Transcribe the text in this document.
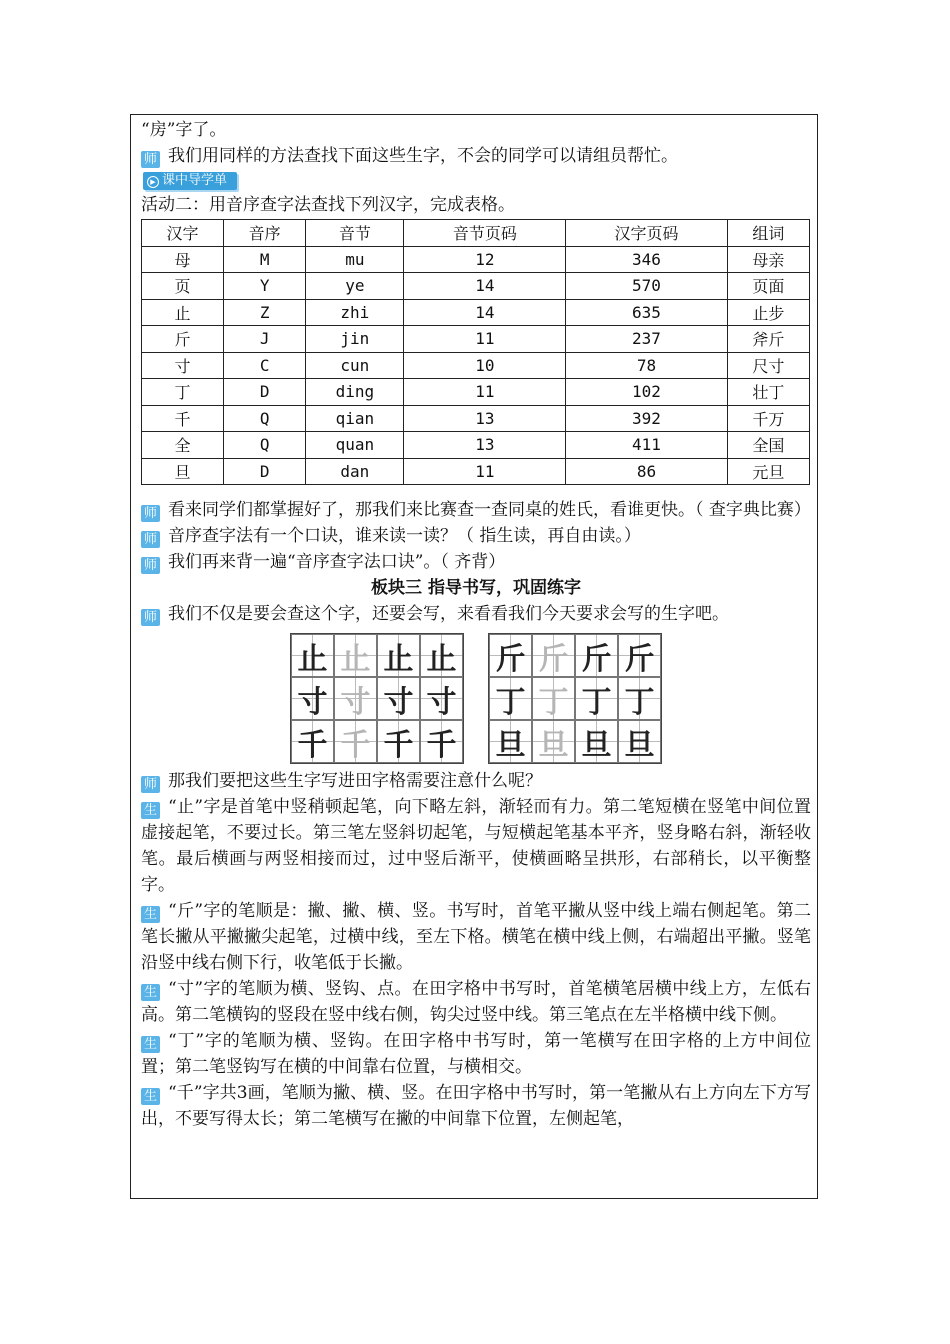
“房”字了。
师 我们用同样的方法查找下面这些生字，不会的同学可以请组员帮忙。
▶ 课中导学单
活动二：用音序查字法查找下列汉字，完成表格。
汉字	音序	音节	音节页码	汉字页码	组词
母	M	mu	12	346	母亲
页	Y	ye	14	570	页面
止	Z	zhi	14	635	止步
斤	J	jin	11	237	斧斤
寸	C	cun	10	78	尺寸
丁	D	ding	11	102	壮丁
千	Q	qian	13	392	千万
全	Q	quan	13	411	全国
旦	D	dan	11	86	元旦
师 看来同学们都掌握好了，那我们来比赛查一查同桌的姓氏，看谁更快。（ 查字典比赛）
师 音序查字法有一个口诀，谁来读一读？（ 指生读，再自由读。）
师 我们再来背一遍“音序查字法口诀”。（ 齐背）
板块三 指导书写，巩固练字
师 我们不仅是要会查这个字，还要会写，来看看我们今天要求会写的生字吧。
止 止 止 止
寸 寸 寸 寸
千 千 千 千
斤 斤 斤 斤
丁 丁 丁 丁
旦 旦 旦 旦
师 那我们要把这些生字写进田字格需要注意什么呢？
生 “止”字是首笔中竖稍顿起笔，向下略左斜，渐轻而有力。第二笔短横在竖笔中间位置虚接起笔，不要过长。第三笔左竖斜切起笔，与短横起笔基本平齐，竖身略右斜，渐轻收笔。最后横画与两竖相接而过，过中竖后渐平，使横画略呈拱形，右部稍长，以平衡整字。
生 “斤”字的笔顺是：撇、撇、横、竖。书写时，首笔平撇从竖中线上端右侧起笔。第二笔长撇从平撇撇尖起笔，过横中线，至左下格。横笔在横中线上侧，右端超出平撇。竖笔沿竖中线右侧下行，收笔低于长撇。
生 “寸”字的笔顺为横、竖钩、点。在田字格中书写时，首笔横笔居横中线上方，左低右高。第二笔横钩的竖段在竖中线右侧，钩尖过竖中线。第三笔点在左半格横中线下侧。
生 “丁”字的笔顺为横、竖钩。在田字格中书写时，第一笔横写在田字格的上方中间位置；第二笔竖钩写在横的中间靠右位置，与横相交。
生 “千”字共3画，笔顺为撇、横、竖。在田字格中书写时，第一笔撇从右上方向左下方写出，不要写得太长；第二笔横写在撇的中间靠下位置，左侧起笔，
